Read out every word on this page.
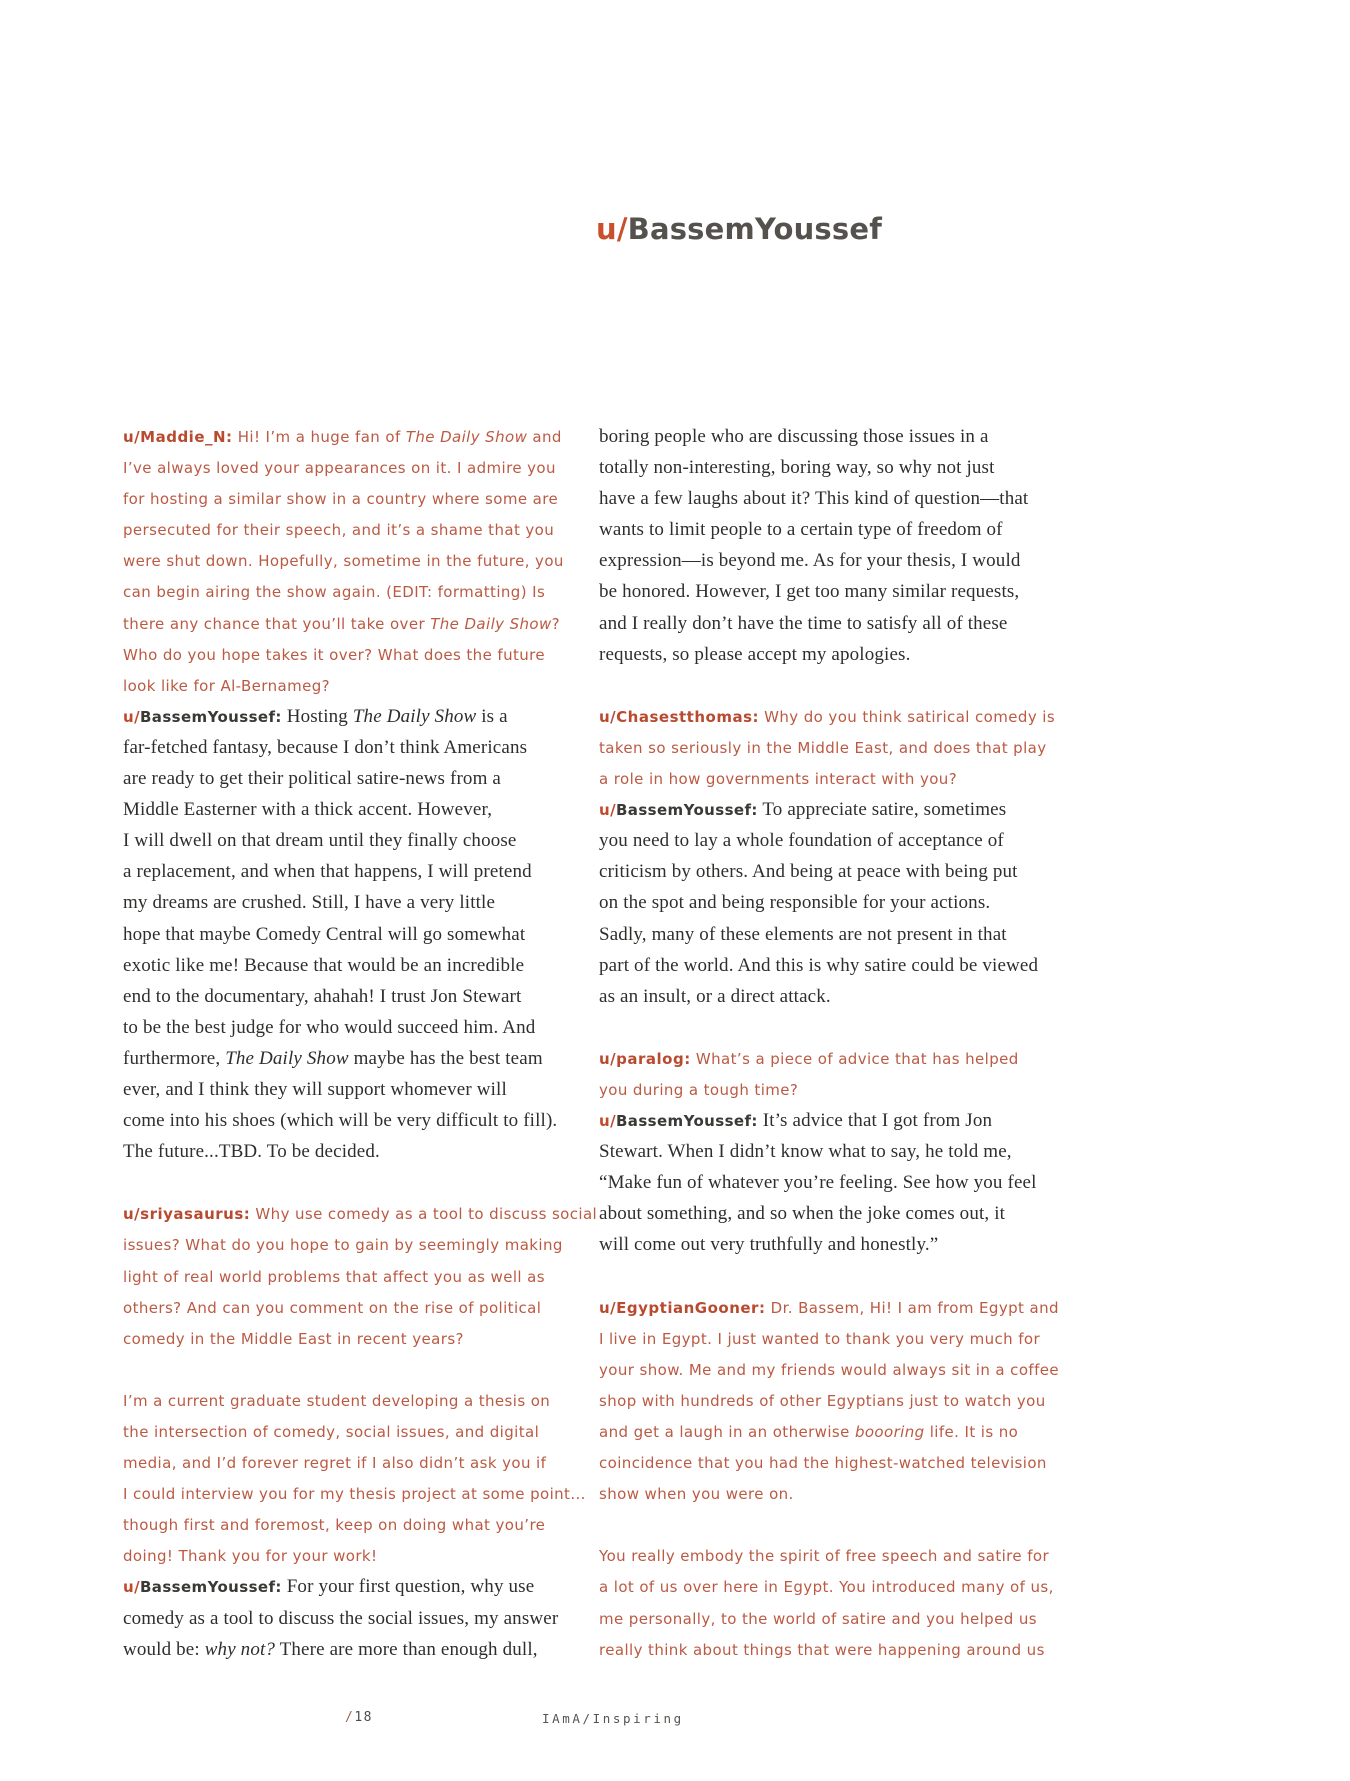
u/BassemYoussef
u/Maddie_N: Hi! I’m a huge fan of The Daily Show and
I’ve always loved your appearances on it. I admire you
for hosting a similar show in a country where some are
persecuted for their speech, and it’s a shame that you
were shut down. Hopefully, sometime in the future, you
can begin airing the show again. (EDIT: formatting) Is
there any chance that you’ll take over The Daily Show?
Who do you hope takes it over? What does the future
look like for Al-Bernameg?
u/BassemYoussef: Hosting The Daily Show is a
far-fetched fantasy, because I don’t think Americans
are ready to get their political satire-news from a
Middle Easterner with a thick accent. However,
I will dwell on that dream until they finally choose
a replacement, and when that happens, I will pretend
my dreams are crushed. Still, I have a very little
hope that maybe Comedy Central will go somewhat
exotic like me! Because that would be an incredible
end to the documentary, ahahah! I trust Jon Stewart
to be the best judge for who would succeed him. And
furthermore, The Daily Show maybe has the best team
ever, and I think they will support whomever will
come into his shoes (which will be very difficult to fill).
The future...TBD. To be decided.
u/sriyasaurus: Why use comedy as a tool to discuss social
issues? What do you hope to gain by seemingly making
light of real world problems that affect you as well as
others? And can you comment on the rise of political
comedy in the Middle East in recent years?
I’m a current graduate student developing a thesis on
the intersection of comedy, social issues, and digital
media, and I’d forever regret if I also didn’t ask you if
I could interview you for my thesis project at some point...
though first and foremost, keep on doing what you’re
doing! Thank you for your work!
u/BassemYoussef: For your first question, why use
comedy as a tool to discuss the social issues, my answer
would be: why not? There are more than enough dull,
boring people who are discussing those issues in a
totally non-interesting, boring way, so why not just
have a few laughs about it? This kind of question—that
wants to limit people to a certain type of freedom of
expression—is beyond me. As for your thesis, I would
be honored. However, I get too many similar requests,
and I really don’t have the time to satisfy all of these
requests, so please accept my apologies.
u/Chasestthomas: Why do you think satirical comedy is
taken so seriously in the Middle East, and does that play
a role in how governments interact with you?
u/BassemYoussef: To appreciate satire, sometimes
you need to lay a whole foundation of acceptance of
criticism by others. And being at peace with being put
on the spot and being responsible for your actions.
Sadly, many of these elements are not present in that
part of the world. And this is why satire could be viewed
as an insult, or a direct attack.
u/paralog: What’s a piece of advice that has helped
you during a tough time?
u/BassemYoussef: It’s advice that I got from Jon
Stewart. When I didn’t know what to say, he told me,
“Make fun of whatever you’re feeling. See how you feel
about something, and so when the joke comes out, it
will come out very truthfully and honestly.”
u/EgyptianGooner: Dr. Bassem, Hi! I am from Egypt and
I live in Egypt. I just wanted to thank you very much for
your show. Me and my friends would always sit in a coffee
shop with hundreds of other Egyptians just to watch you
and get a laugh in an otherwise boooring life. It is no
coincidence that you had the highest-watched television
show when you were on.
You really embody the spirit of free speech and satire for
a lot of us over here in Egypt. You introduced many of us,
me personally, to the world of satire and you helped us
really think about things that were happening around us
/18	IAmA/Inspiring
